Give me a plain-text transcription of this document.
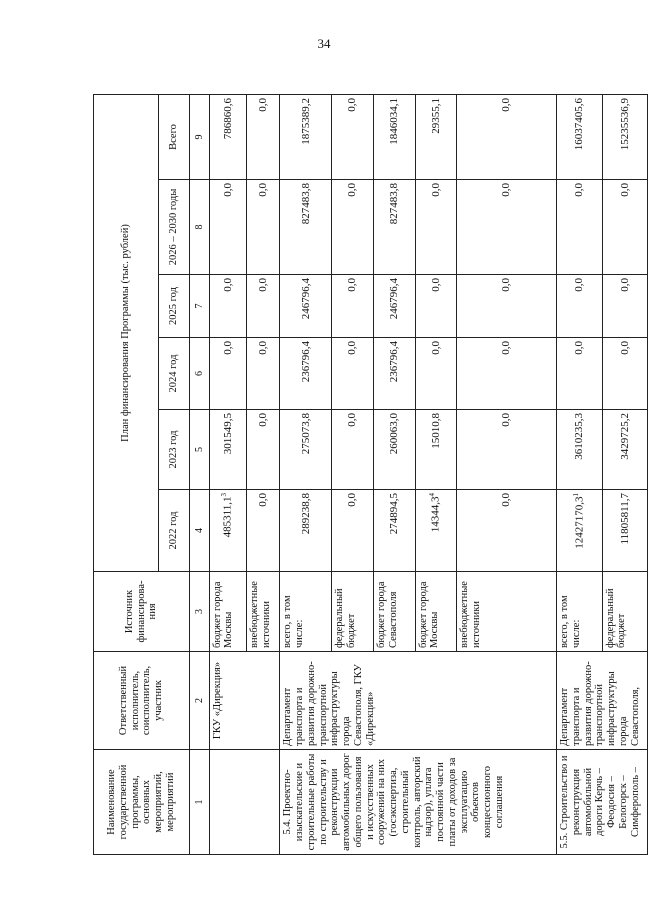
34
Наименование государственной программы, основных мероприятий, мероприятий	Ответственный исполнитель, соисполнитель, участник	Источник финансирова-ния	План финансирования Программы (тыс. рублей)					
			2022 год	2023 год	2024 год	2025 год	2026 – 2030 годы	Всего
1	2	3	4	5	6	7	8	9
	ГКУ «Дирекция»	бюджет города Москвы	485311,1$^3$	301549,5	0,0	0,0	0,0	786860,6
		внебюджетные источники	0,0	0,0	0,0	0,0	0,0	0,0
5.4. Проектно-изыскательские и строительные работы по строительству и реконструкции автомобильных дорог общего пользования и искусственных сооружений на них (госэкспертиза, строительный контроль, авторский надзор), уплата постоянной части платы от доходов за эксплуатацию объектов концессионного соглашения	Департамент транспорта и развития дорожно-транспортной инфраструктуры города Севастополя, ГКУ «Дирекция»	всего, в том числе:	289238,8	275073,8	236796,4	246796,4	827483,8	1875389,2
		федеральный бюджет	0,0	0,0	0,0	0,0	0,0	0,0
		бюджет города Севастополя	274894,5	260063,0	236796,4	246796,4	827483,8	1846034,1
		бюджет города Москвы	14344,3$^4$	15010,8	0,0	0,0	0,0	29355,1
		внебюджетные источники	0,0	0,0	0,0	0,0	0,0	0,0
5.5. Строительство и реконструкция автомобильной дороги Керчь – Феодосия – Белогорск – Симферополь –	Департамент транспорта и развития дорожно-транспортной инфраструктуры города Севастополя,	всего, в том числе:	12427170,3$^1$	3610235,3	0,0	0,0	0,0	16037405,6
		федеральный бюджет	11805811,7	3429725,2	0,0	0,0	0,0	15235536,9
